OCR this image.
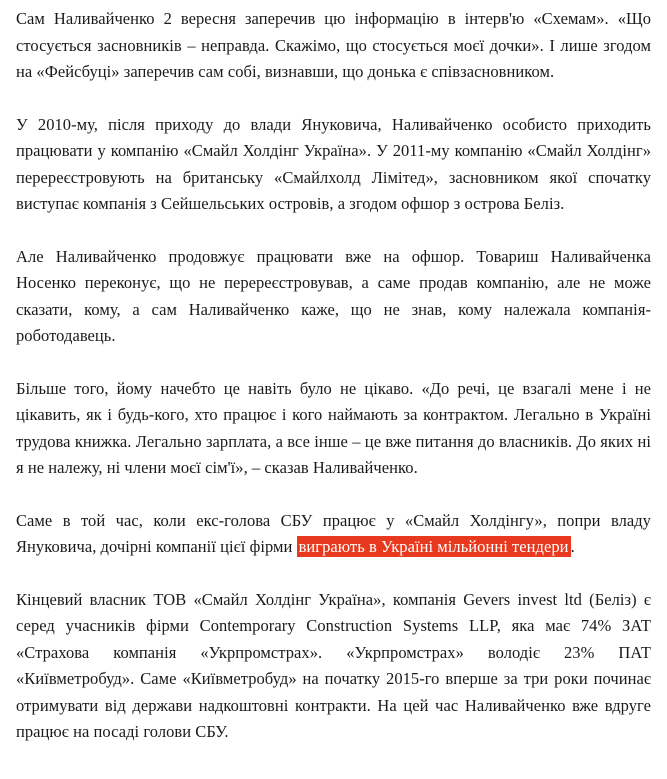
Сам Наливайченко 2 вересня заперечив цю інформацію в інтерв'ю «Схемам». «Що стосується засновників – неправда. Скажімо, що стосується моєї дочки». І лише згодом на «Фейсбуці» заперечив сам собі, визнавши, що донька є співзасновником.

У 2010-му, після приходу до влади Януковича, Наливайченко особисто приходить працювати у компанію «Смайл Холдінг Україна». У 2011-му компанію «Смайл Холдінг» перереєстровують на британську «Смайлхолд Лімітед», засновником якої спочатку виступає компанія з Сейшельських островів, а згодом офшор з острова Беліз.

Але Наливайченко продовжує працювати вже на офшор. Товариш Наливайченка Носенко переконує, що не перереєстровував, а саме продав компанію, але не може сказати, кому, а сам Наливайченко каже, що не знав, кому належала компанія-роботодавець.

Більше того, йому начебто це навіть було не цікаво. «До речі, це взагалі мене і не цікавить, як і будь-кого, хто працює і кого наймають за контрактом. Легально в Україні трудова книжка. Легально зарплата, а все інше – це вже питання до власників. До яких ні я не належу, ні члени моєї сім'ї», – сказав Наливайченко.

Саме в той час, коли екс-голова СБУ працює у «Смайл Холдінгу», попри владу Януковича, дочірні компанії цієї фірми виграють в Україні мільйонні тендери .

Кінцевий власник ТОВ «Смайл Холдінг Україна», компанія Gevers invest ltd (Беліз) є серед учасників фірми Contemporary Construction Systems LLP, яка має 74% ЗАТ «Страхова компанія «Укрпромстрах». «Укрпромстрах» володіє 23% ПАТ «Київметробуд». Саме «Київметробуд» на початку 2015-го вперше за три роки починає отримувати від держави надкоштовні контракти. На цей час Наливайченко вже вдруге працює на посаді голови СБУ.
